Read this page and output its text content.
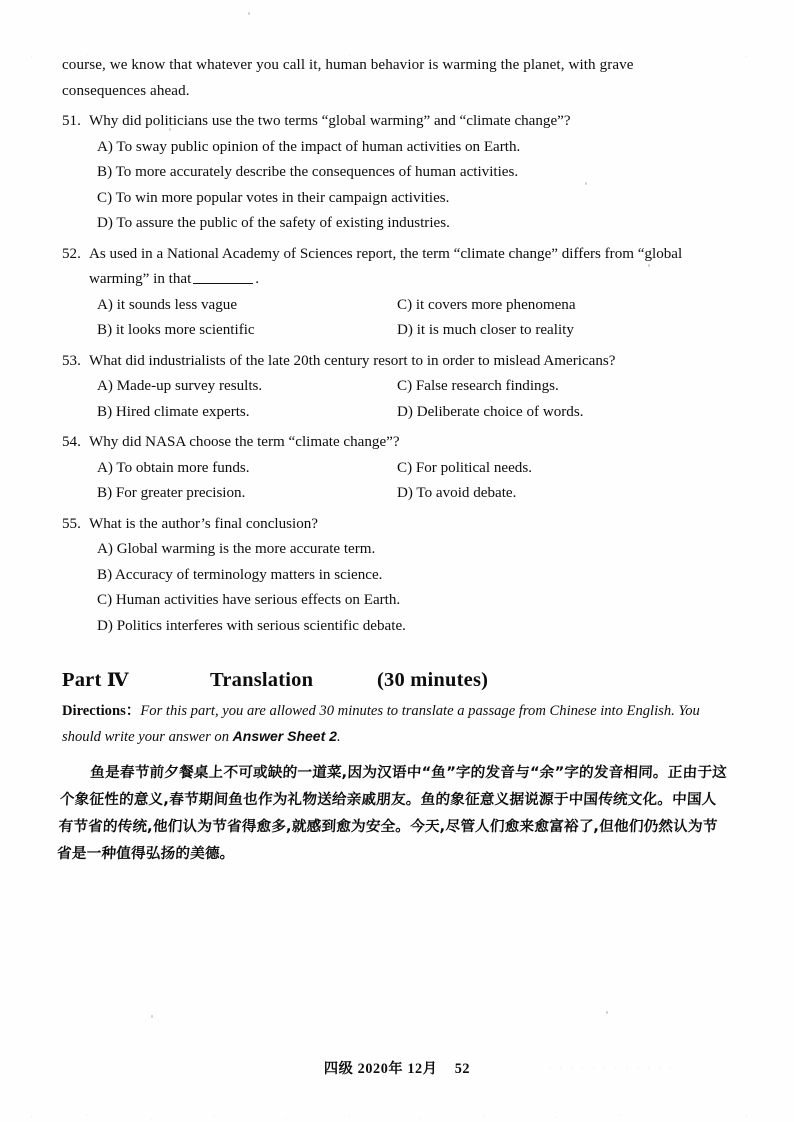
course, we know that whatever you call it, human behavior is warming the planet, with grave
consequences ahead.

51. Why did politicians use the two terms “global warming” and “climate change”?
A) To sway public opinion of the impact of human activities on Earth.
B) To more accurately describe the consequences of human activities.
C) To win more popular votes in their campaign activities.
D) To assure the public of the safety of existing industries.
52. As used in a National Academy of Sciences report, the term “climate change” differs from “global
warming” in that	.
A) it sounds less vague	C) it covers more phenomena
B) it looks more scientific	D) it is much closer to reality
53. What did industrialists of the late 20th century resort to in order to mislead Americans?
A) Made-up survey results.	C) False research findings.
B) Hired climate experts.	D) Deliberate choice of words.
54. Why did NASA choose the term “climate change”?
A) To obtain more funds.	C) For political needs.
B) For greater precision.	D) To avoid debate.
55. What is the author’s final conclusion?
A) Global warming is the more accurate term.
B) Accuracy of terminology matters in science.
C) Human activities have serious effects on Earth.
D) Politics interferes with serious scientific debate.
Part Ⅳ	Translation	(30 minutes)
Directions：For this part, you are allowed 30 minutes to translate a passage from Chinese into English. You
should write your answer on Answer Sheet 2.
鱼是春节前夕餐桌上不可或缺的一道菜,因为汉语中“鱼”字的发音与“余”字的发音相同。正由于这
个象征性的意义,春节期间鱼也作为礼物送给亲戚朋友。鱼的象征意义据说源于中国传统文化。中国人
有节省的传统,他们认为节省得愈多,就感到愈为安全。今天,尽管人们愈来愈富裕了,但他们仍然认为节
省是一种值得弘扬的美德。
四级 2020年 12月 52	· · · · · · · · · · · ·
